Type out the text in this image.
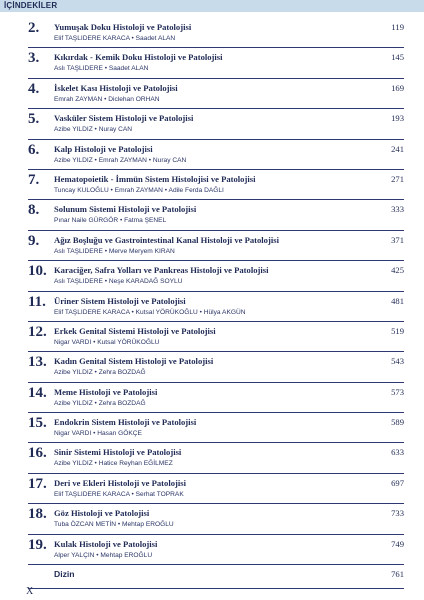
İÇİNDEKİLER
2. Yumuşak Doku Histoloji ve Patolojisi	119
Elif TAŞLIDERE KARACA • Saadet ALAN
3. Kıkırdak - Kemik Doku Histoloji ve Patolojisi	145
Aslı TAŞLIDERE • Saadet ALAN
4. İskelet Kası Histoloji ve Patolojisi	169
Emrah ZAYMAN • Diclehan ORHAN
5. Vasküler Sistem Histoloji ve Patolojisi	193
Azibe YILDIZ • Nuray CAN
6. Kalp Histoloji ve Patolojisi	241
Azibe YILDIZ • Emrah ZAYMAN • Nuray CAN
7. Hematopoietik - İmmün Sistem Histolojisi ve Patolojisi	271
Tuncay KULOĞLU • Emrah ZAYMAN • Adile Ferda DAĞLI
8. Solunum Sistemi Histoloji ve Patolojisi	333
Pınar Naile GÜRGÖR • Fatma ŞENEL
9. Ağız Boşluğu ve Gastrointestinal Kanal Histoloji ve Patolojisi	371
Aslı TAŞLIDERE • Merve Meryem KIRAN
10. Karaciğer, Safra Yolları ve Pankreas Histoloji ve Patolojisi	425
Aslı TAŞLIDERE • Neşe KARADAĞ SOYLU
11. Üriner Sistem Histoloji ve Patolojisi	481
Elif TAŞLIDERE KARACA • Kutsal YÖRÜKOĞLU • Hülya AKGÜN
12. Erkek Genital Sistemi Histoloji ve Patolojisi	519
Nigar VARDI • Kutsal YÖRÜKOĞLU
13. Kadın Genital Sistem Histoloji ve Patolojisi	543
Azibe YILDIZ • Zehra BOZDAĞ
14. Meme Histoloji ve Patolojisi	573
Azibe YILDIZ • Zehra BOZDAĞ
15. Endokrin Sistem Histoloji ve Patolojisi	589
Nigar VARDI • Hasan GÖKÇE
16. Sinir Sistemi Histoloji ve Patolojisi	633
Azibe YILDIZ • Hatice Reyhan EĞİLMEZ
17. Deri ve Ekleri Histoloji ve Patolojisi	697
Elif TAŞLIDERE KARACA • Serhat TOPRAK
18. Göz Histoloji ve Patolojisi	733
Tuba ÖZCAN METİN • Mehtap EROĞLU
19. Kulak Histoloji ve Patolojisi	749
Alper YALÇIN • Mehtap EROĞLU
Dizin	761
X
